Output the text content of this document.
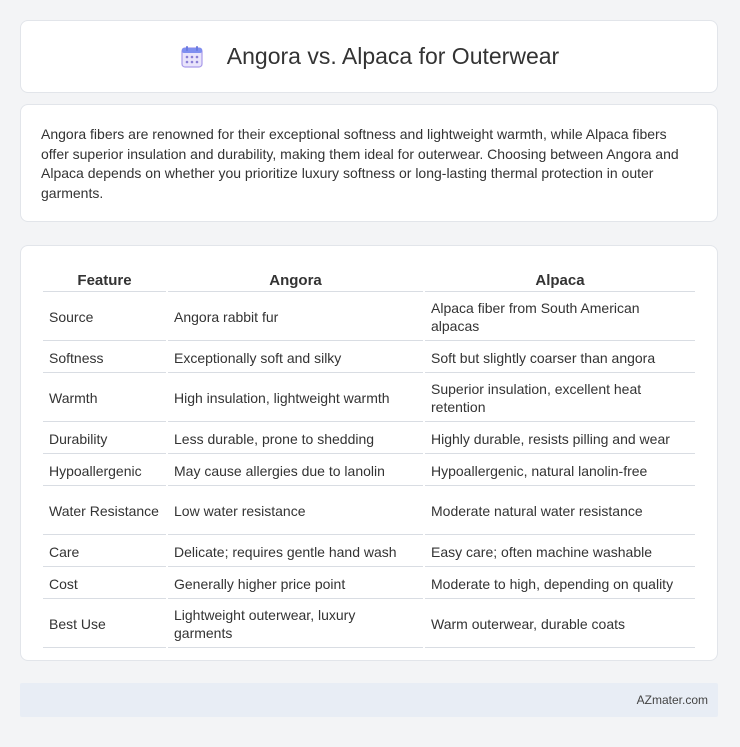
Angora vs. Alpaca for Outerwear

Angora fibers are renowned for their exceptional softness and lightweight warmth, while Alpaca fibers offer superior insulation and durability, making them ideal for outerwear. Choosing between Angora and Alpaca depends on whether you prioritize luxury softness or long-lasting thermal protection in outer garments.

Feature	Angora	Alpaca
Source	Angora rabbit fur	Alpaca fiber from South American alpacas
Softness	Exceptionally soft and silky	Soft but slightly coarser than angora
Warmth	High insulation, lightweight warmth	Superior insulation, excellent heat retention
Durability	Less durable, prone to shedding	Highly durable, resists pilling and wear
Hypoallergenic	May cause allergies due to lanolin	Hypoallergenic, natural lanolin-free
Water Resistance	Low water resistance	Moderate natural water resistance
Care	Delicate; requires gentle hand wash	Easy care; often machine washable
Cost	Generally higher price point	Moderate to high, depending on quality
Best Use	Lightweight outerwear, luxury garments	Warm outerwear, durable coats
AZmater.com
